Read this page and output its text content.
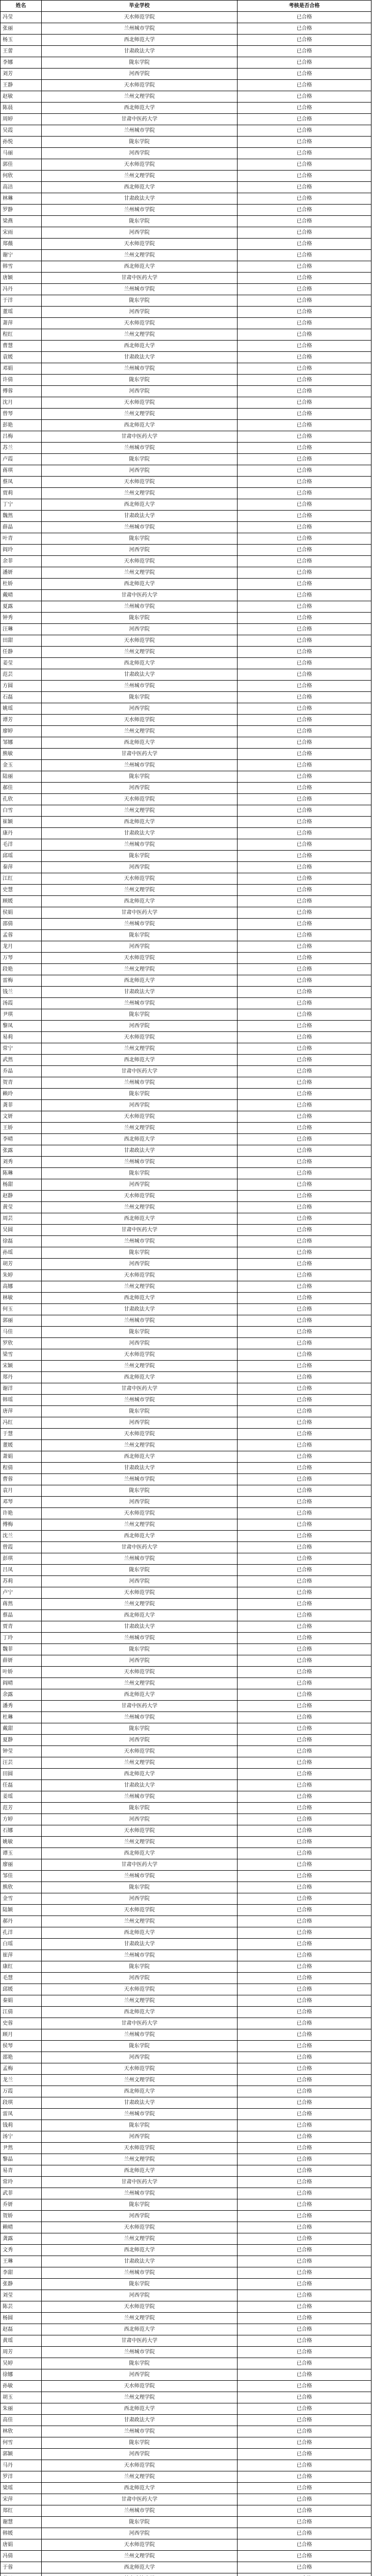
姓名	毕业学校	考核是否合格
冯莹	天水师范学院	已合格
张丽	兰州城市学院	已合格
杨玉	西北师范大学	已合格
王蕾	甘肃政法大学	已合格
李娜	陇东学院	已合格
刘芳	河西学院	已合格
王静	天水师范学院	已合格
赵敏	兰州文理学院	已合格
陈晨	西北师范大学	已合格
周婷	甘肃中医药大学	已合格
吴霞	兰州城市学院	已合格
孙悦	陇东学院	已合格
马丽	河西学院	已合格
郭佳	天水师范学院	已合格
何欣	兰州文理学院	已合格
高洁	西北师范大学	已合格
林琳	甘肃政法大学	已合格
罗静	兰州城市学院	已合格
梁燕	陇东学院	已合格
宋雨	河西学院	已合格
郑薇	天水师范学院	已合格
谢宁	兰州文理学院	已合格
韩雪	西北师范大学	已合格
唐颖	甘肃中医药大学	已合格
冯丹	兰州城市学院	已合格
于洋	陇东学院	已合格
董瑶	河西学院	已合格
萧萍	天水师范学院	已合格
程红	兰州文理学院	已合格
曹慧	西北师范大学	已合格
袁媛	甘肃政法大学	已合格
邓娟	兰州城市学院	已合格
许倩	陇东学院	已合格
傅蓉	河西学院	已合格
沈月	天水师范学院	已合格
曾琴	兰州文理学院	已合格
彭艳	西北师范大学	已合格
吕梅	甘肃中医药大学	已合格
苏兰	兰州城市学院	已合格
卢霞	陇东学院	已合格
蒋琪	河西学院	已合格
蔡凤	天水师范学院	已合格
贾莉	兰州文理学院	已合格
丁宁	西北师范大学	已合格
魏然	甘肃政法大学	已合格
薛晶	兰州城市学院	已合格
叶青	陇东学院	已合格
阎玲	河西学院	已合格
余菲	天水师范学院	已合格
潘妍	兰州文理学院	已合格
杜娇	西北师范大学	已合格
戴晴	甘肃中医药大学	已合格
夏露	兰州城市学院	已合格
钟秀	陇东学院	已合格
汪琳	河西学院	已合格
田甜	天水师范学院	已合格
任静	兰州文理学院	已合格
姜莹	西北师范大学	已合格
范芸	甘肃政法大学	已合格
方圆	兰州城市学院	已合格
石磊	陇东学院	已合格
姚瑶	河西学院	已合格
谭芳	天水师范学院	已合格
廖婷	兰州文理学院	已合格
邹娜	西北师范大学	已合格
熊敏	甘肃中医药大学	已合格
金玉	兰州城市学院	已合格
陆丽	陇东学院	已合格
郝佳	河西学院	已合格
孔欣	天水师范学院	已合格
白雪	兰州文理学院	已合格
崔颖	西北师范大学	已合格
康丹	甘肃政法大学	已合格
毛洋	兰州城市学院	已合格
邱瑶	陇东学院	已合格
秦萍	河西学院	已合格
江红	天水师范学院	已合格
史慧	兰州文理学院	已合格
顾媛	西北师范大学	已合格
侯娟	甘肃中医药大学	已合格
邵倩	兰州城市学院	已合格
孟蓉	陇东学院	已合格
龙月	河西学院	已合格
万琴	天水师范学院	已合格
段艳	兰州文理学院	已合格
雷梅	西北师范大学	已合格
钱兰	甘肃政法大学	已合格
汤霞	兰州城市学院	已合格
尹琪	陇东学院	已合格
黎凤	河西学院	已合格
易莉	天水师范学院	已合格
常宁	兰州文理学院	已合格
武然	西北师范大学	已合格
乔晶	甘肃中医药大学	已合格
贺青	兰州城市学院	已合格
赖玲	陇东学院	已合格
龚菲	河西学院	已合格
文妍	天水师范学院	已合格
王娇	兰州文理学院	已合格
李晴	西北师范大学	已合格
张露	甘肃政法大学	已合格
刘秀	兰州城市学院	已合格
陈琳	陇东学院	已合格
杨甜	河西学院	已合格
赵静	天水师范学院	已合格
黄莹	兰州文理学院	已合格
周芸	西北师范大学	已合格
吴圆	甘肃中医药大学	已合格
徐磊	兰州城市学院	已合格
孙瑶	陇东学院	已合格
胡芳	河西学院	已合格
朱婷	天水师范学院	已合格
高娜	兰州文理学院	已合格
林敏	西北师范大学	已合格
何玉	甘肃政法大学	已合格
郭丽	兰州城市学院	已合格
马佳	陇东学院	已合格
罗欣	河西学院	已合格
梁雪	天水师范学院	已合格
宋颖	兰州文理学院	已合格
郑丹	西北师范大学	已合格
谢洋	甘肃中医药大学	已合格
韩瑶	兰州城市学院	已合格
唐萍	陇东学院	已合格
冯红	河西学院	已合格
于慧	天水师范学院	已合格
董媛	兰州文理学院	已合格
萧娟	西北师范大学	已合格
程倩	甘肃政法大学	已合格
曹蓉	兰州城市学院	已合格
袁月	陇东学院	已合格
邓琴	河西学院	已合格
许艳	天水师范学院	已合格
傅梅	兰州文理学院	已合格
沈兰	西北师范大学	已合格
曾霞	甘肃中医药大学	已合格
彭琪	兰州城市学院	已合格
吕凤	陇东学院	已合格
苏莉	河西学院	已合格
卢宁	天水师范学院	已合格
蒋然	兰州文理学院	已合格
蔡晶	西北师范大学	已合格
贾青	甘肃政法大学	已合格
丁玲	兰州城市学院	已合格
魏菲	陇东学院	已合格
薛妍	河西学院	已合格
叶娇	天水师范学院	已合格
阎晴	兰州文理学院	已合格
余露	西北师范大学	已合格
潘秀	甘肃中医药大学	已合格
杜琳	兰州城市学院	已合格
戴甜	陇东学院	已合格
夏静	河西学院	已合格
钟莹	天水师范学院	已合格
汪芸	兰州文理学院	已合格
田圆	西北师范大学	已合格
任磊	甘肃政法大学	已合格
姜瑶	兰州城市学院	已合格
范芳	陇东学院	已合格
方婷	河西学院	已合格
石娜	天水师范学院	已合格
姚敏	兰州文理学院	已合格
谭玉	西北师范大学	已合格
廖丽	甘肃中医药大学	已合格
邹佳	兰州城市学院	已合格
熊欣	陇东学院	已合格
金雪	河西学院	已合格
陆颖	天水师范学院	已合格
郝丹	兰州文理学院	已合格
孔洋	西北师范大学	已合格
白瑶	甘肃政法大学	已合格
崔萍	兰州城市学院	已合格
康红	陇东学院	已合格
毛慧	河西学院	已合格
邱媛	天水师范学院	已合格
秦娟	兰州文理学院	已合格
江倩	西北师范大学	已合格
史蓉	甘肃中医药大学	已合格
顾月	兰州城市学院	已合格
侯琴	陇东学院	已合格
邵艳	河西学院	已合格
孟梅	天水师范学院	已合格
龙兰	兰州文理学院	已合格
万霞	西北师范大学	已合格
段琪	甘肃政法大学	已合格
雷凤	兰州城市学院	已合格
钱莉	陇东学院	已合格
汤宁	河西学院	已合格
尹然	天水师范学院	已合格
黎晶	兰州文理学院	已合格
易青	西北师范大学	已合格
常玲	甘肃中医药大学	已合格
武菲	兰州城市学院	已合格
乔妍	陇东学院	已合格
贺娇	河西学院	已合格
赖晴	天水师范学院	已合格
龚露	兰州文理学院	已合格
文秀	西北师范大学	已合格
王琳	甘肃政法大学	已合格
李甜	兰州城市学院	已合格
张静	陇东学院	已合格
刘莹	河西学院	已合格
陈芸	天水师范学院	已合格
杨圆	兰州文理学院	已合格
赵磊	西北师范大学	已合格
黄瑶	甘肃中医药大学	已合格
周芳	兰州城市学院	已合格
吴婷	陇东学院	已合格
徐娜	河西学院	已合格
孙敏	天水师范学院	已合格
胡玉	兰州文理学院	已合格
朱丽	西北师范大学	已合格
高佳	甘肃政法大学	已合格
林欣	兰州城市学院	已合格
何雪	陇东学院	已合格
郭颖	河西学院	已合格
马丹	天水师范学院	已合格
罗洋	兰州文理学院	已合格
梁瑶	西北师范大学	已合格
宋萍	甘肃中医药大学	已合格
郑红	兰州城市学院	已合格
谢慧	陇东学院	已合格
韩媛	河西学院	已合格
唐娟	天水师范学院	已合格
冯倩	兰州文理学院	已合格
于蓉	西北师范大学	已合格
